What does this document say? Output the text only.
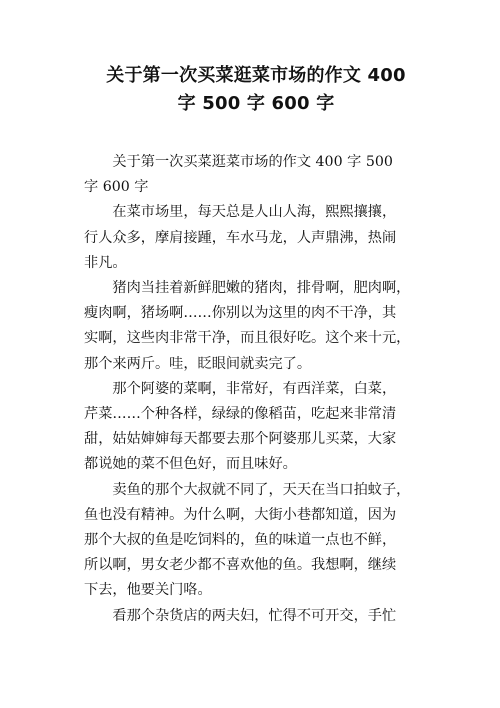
关于第一次买菜逛菜市场的作文 400
字 500 字 600 字

关于第一次买菜逛菜市场的作文 400 字 500
字 600 字

在菜市场里，每天总是人山人海，熙熙攘攘，
行人众多，摩肩接踵，车水马龙，人声鼎沸，热闹
非凡。

猪肉当挂着新鲜肥嫩的猪肉，排骨啊，肥肉啊，
瘦肉啊，猪场啊……你别以为这里的肉不干净，其
实啊，这些肉非常干净，而且很好吃。这个来十元，
那个来两斤。哇，眨眼间就卖完了。

那个阿婆的菜啊，非常好，有西洋菜，白菜，
芹菜……个种各样，绿绿的像稻苗，吃起来非常清
甜，姑姑婶婶每天都要去那个阿婆那儿买菜，大家
都说她的菜不但色好，而且味好。

卖鱼的那个大叔就不同了，天天在当口拍蚊子，
鱼也没有精神。为什么啊，大街小巷都知道，因为
那个大叔的鱼是吃饲料的，鱼的味道一点也不鲜，
所以啊，男女老少都不喜欢他的鱼。我想啊，继续
下去，他要关门咯。

看那个杂货店的两夫妇，忙得不可开交，手忙
